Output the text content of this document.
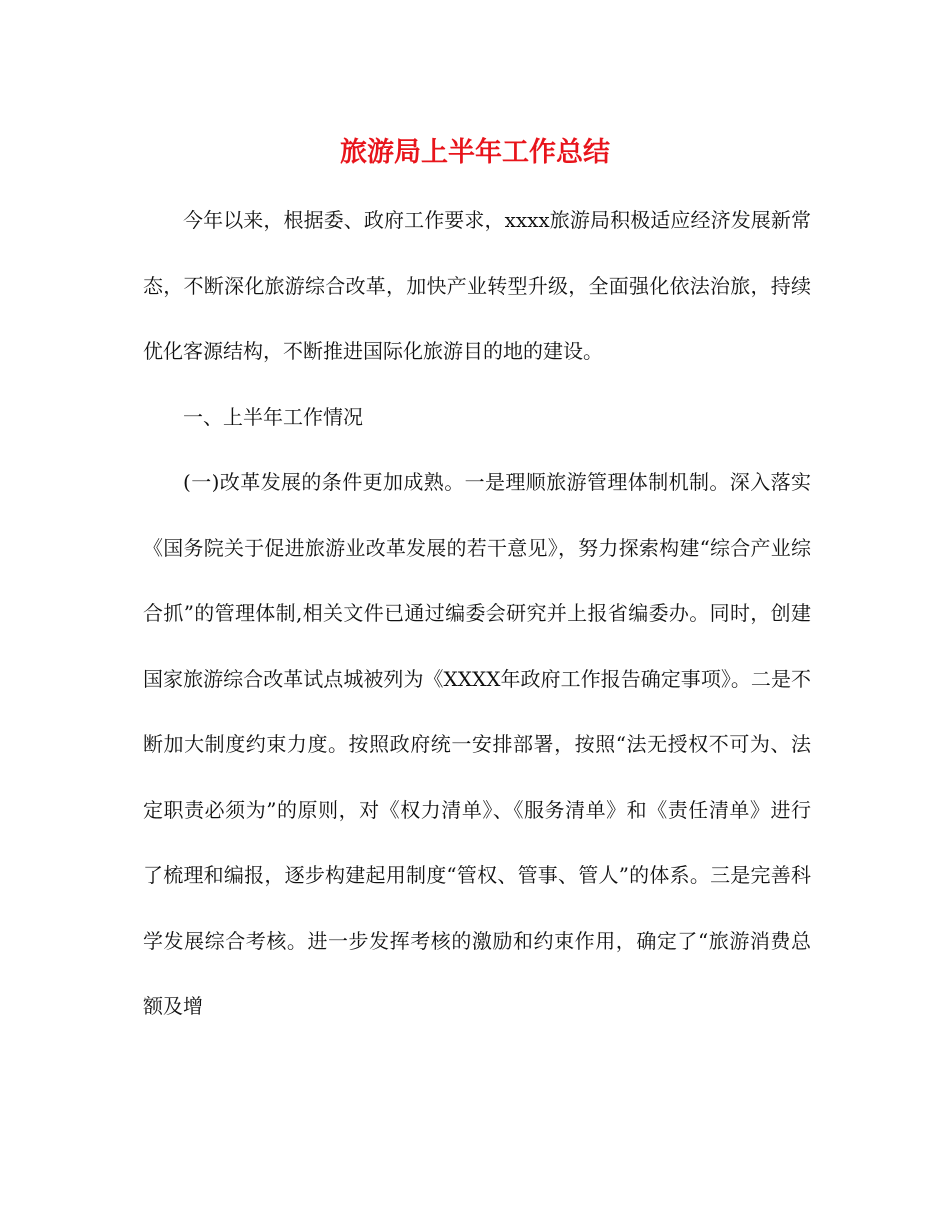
旅游局上半年工作总结

今年以来，根据委、政府工作要求，xxxx旅游局积极适应经济发展新常态，不断深化旅游综合改革，加快产业转型升级，全面强化依法治旅，持续优化客源结构，不断推进国际化旅游目的地的建设。

一、上半年工作情况

(一)改革发展的条件更加成熟。一是理顺旅游管理体制机制。深入落实《国务院关于促进旅游业改革发展的若干意见》，努力探索构建“综合产业综合抓”的管理体制,相关文件已通过编委会研究并上报省编委办。同时，创建国家旅游综合改革试点城被列为《XXXX年政府工作报告确定事项》。二是不断加大制度约束力度。按照政府统一安排部署，按照“法无授权不可为、法定职责必须为”的原则，对《权力清单》、《服务清单》和《责任清单》进行了梳理和编报，逐步构建起用制度“管权、管事、管人”的体系。三是完善科学发展综合考核。进一步发挥考核的激励和约束作用，确定了“旅游消费总额及增
